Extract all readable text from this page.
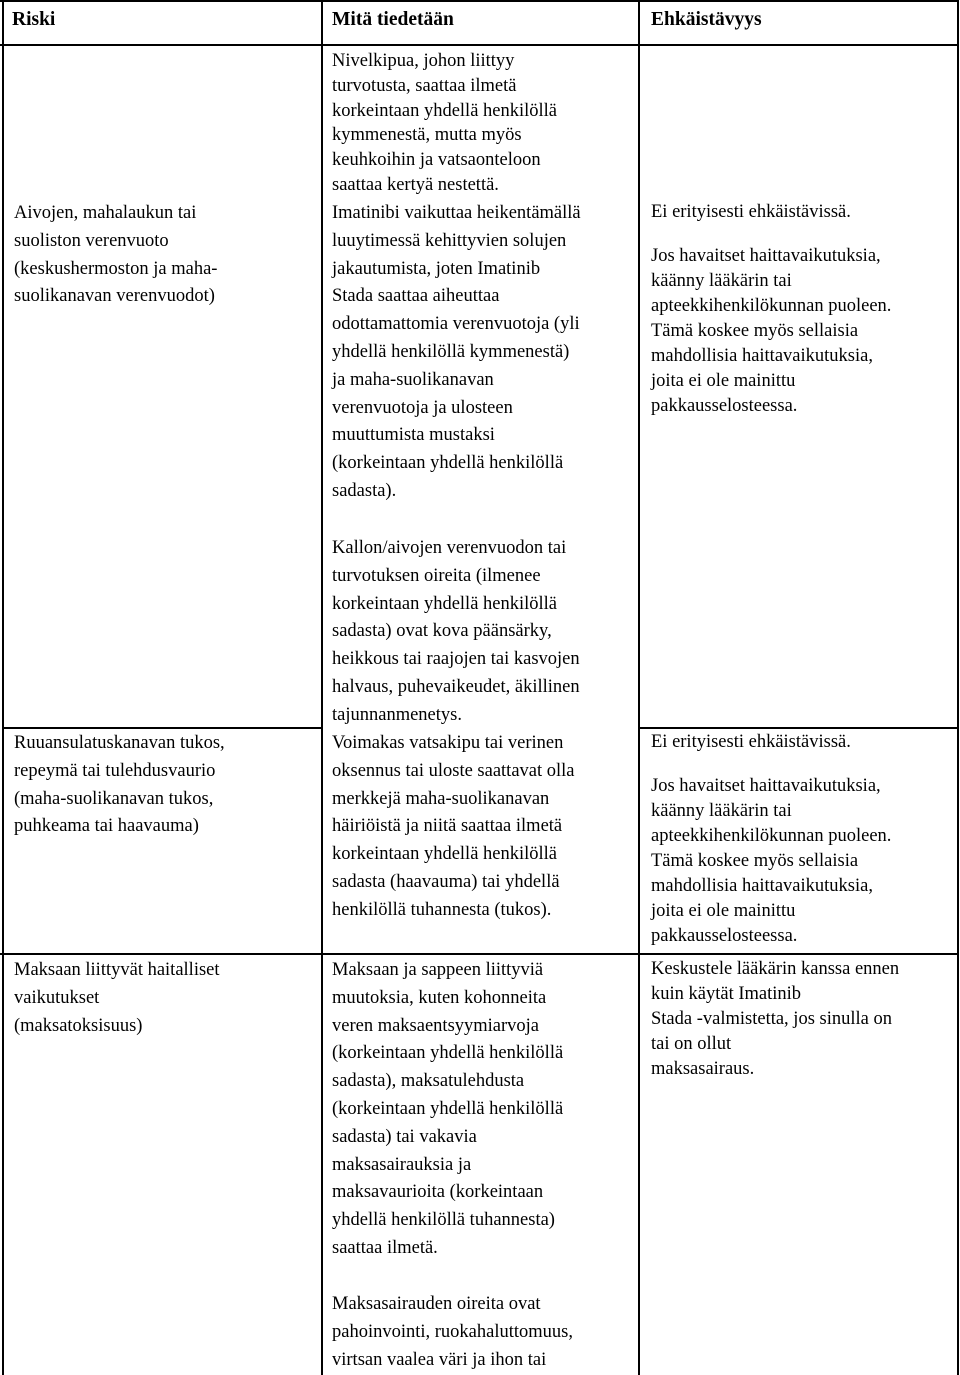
Riski	Mitä tiedetään	Ehkäistävyys
Nivelkipua, johon liittyy
turvotusta, saattaa ilmetä
korkeintaan yhdellä henkilöllä
kymmenestä, mutta myös
keuhkoihin ja vatsaonteloon
saattaa kertyä nestettä.
Aivojen, mahalaukun tai
suoliston verenvuoto
(keskushermoston ja maha-
suolikanavan verenvuodot)
Imatinibi vaikuttaa heikentämällä
luuytimessä kehittyvien solujen
jakautumista, joten Imatinib
Stada saattaa aiheuttaa
odottamattomia verenvuotoja (yli
yhdellä henkilöllä kymmenestä)
ja maha-suolikanavan
verenvuotoja ja ulosteen
muuttumista mustaksi
(korkeintaan yhdellä henkilöllä
sadasta).
Kallon/aivojen verenvuodon tai
turvotuksen oireita (ilmenee
korkeintaan yhdellä henkilöllä
sadasta) ovat kova päänsärky,
heikkous tai raajojen tai kasvojen
halvaus, puhevaikeudet, äkillinen
tajunnanmenetys.
Ei erityisesti ehkäistävissä.
Jos havaitset haittavaikutuksia,
käänny lääkärin tai
apteekkihenkilökunnan puoleen.
Tämä koskee myös sellaisia
mahdollisia haittavaikutuksia,
joita ei ole mainittu
pakkausselosteessa.
Ruuansulatuskanavan tukos,
repeymä tai tulehdusvaurio
(maha-suolikanavan tukos,
puhkeama tai haavauma)
Voimakas vatsakipu tai verinen
oksennus tai uloste saattavat olla
merkkejä maha-suolikanavan
häiriöistä ja niitä saattaa ilmetä
korkeintaan yhdellä henkilöllä
sadasta (haavauma) tai yhdellä
henkilöllä tuhannesta (tukos).
Ei erityisesti ehkäistävissä.
Jos havaitset haittavaikutuksia,
käänny lääkärin tai
apteekkihenkilökunnan puoleen.
Tämä koskee myös sellaisia
mahdollisia haittavaikutuksia,
joita ei ole mainittu
pakkausselosteessa.
Maksaan liittyvät haitalliset
vaikutukset
(maksatoksisuus)
Maksaan ja sappeen liittyviä
muutoksia, kuten kohonneita
veren maksaentsyymiarvoja
(korkeintaan yhdellä henkilöllä
sadasta), maksatulehdusta
(korkeintaan yhdellä henkilöllä
sadasta) tai vakavia
maksasairauksia ja
maksavaurioita (korkeintaan
yhdellä henkilöllä tuhannesta)
saattaa ilmetä.
Maksasairauden oireita ovat
pahoinvointi, ruokahaluttomuus,
virtsan vaalea väri ja ihon tai
Keskustele lääkärin kanssa ennen
kuin käytät Imatinib
Stada -valmistetta, jos sinulla on
tai on ollut
maksasairaus.
